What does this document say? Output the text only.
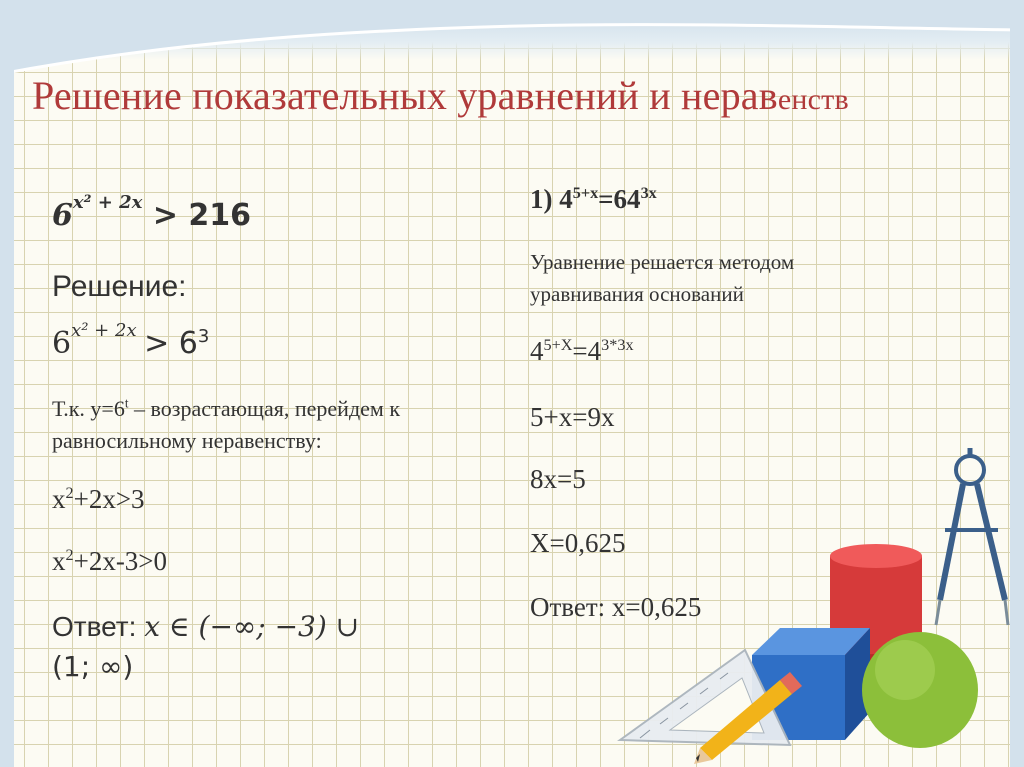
Решение показательных уравнений и неравенств
$6^{x^2 + 2x} > 216$
Решение:
$6^{x^2 + 2x} > 6^3$
Т.к. $y=6^t$ – возрастающая, перейдем к
равносильному неравенству:
$x^2+2x>3$
$x^2+2x-3>0$
Ответ: x ∈ (−∞; −3) ∪
(1; ∞)
1) $4^{5+x}=64^{3x}$
Уравнение решается методом
уравнивания оснований
$4^{5+X}=4^{3*3x}$
5+x=9x
8x=5
X=0,625
Ответ: x=0,625
